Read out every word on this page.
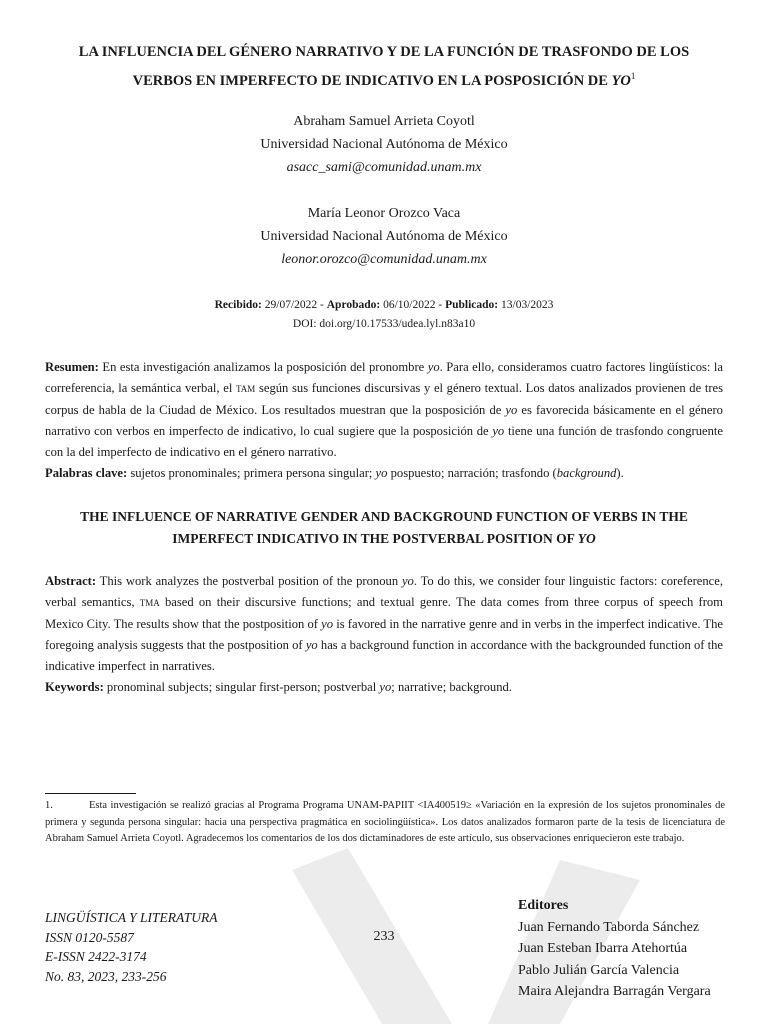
LA INFLUENCIA DEL GÉNERO NARRATIVO Y DE LA FUNCIÓN DE TRASFONDO DE LOS
VERBOS EN IMPERFECTO DE INDICATIVO EN LA POSPOSICIÓN DE $YO^1$
Abraham Samuel Arrieta Coyotl
Universidad Nacional Autónoma de México
asacc_sami@comunidad.unam.mx
María Leonor Orozco Vaca
Universidad Nacional Autónoma de México
leonor.orozco@comunidad.unam.mx
Recibido: 29/07/2022 - Aprobado: 06/10/2022 - Publicado: 13/03/2023
DOI: doi.org/10.17533/udea.lyl.n83a10
Resumen: En esta investigación analizamos la posposición del pronombre yo. Para ello, consideramos cuatro factores lingüísticos: la correferencia, la semántica verbal, el tam según sus funciones discursivas y el género textual. Los datos analizados provienen de tres corpus de habla de la Ciudad de México. Los resultados muestran que la posposición de yo es favorecida básicamente en el género narrativo con verbos en imperfecto de indicativo, lo cual sugiere que la posposición de yo tiene una función de trasfondo congruente con la del imperfecto de indicativo en el género narrativo.
Palabras clave: sujetos pronominales; primera persona singular; yo pospuesto; narración; trasfondo (background).
THE INFLUENCE OF NARRATIVE GENDER AND BACKGROUND FUNCTION OF VERBS IN THE
IMPERFECT INDICATIVO IN THE POSTVERBAL POSITION OF YO
Abstract: This work analyzes the postverbal position of the pronoun yo. To do this, we consider four linguistic factors: coreference, verbal semantics, tma based on their discursive functions; and textual genre. The data comes from three corpus of speech from Mexico City. The results show that the postposition of yo is favored in the narrative genre and in verbs in the imperfect indicative. The foregoing analysis suggests that the postposition of yo has a background function in accordance with the backgrounded function of the indicative imperfect in narratives.
Keywords: pronominal subjects; singular first-person; postverbal yo; narrative; background.
1.	Esta investigación se realizó gracias al Programa Programa UNAM-PAPIIT <IA400519≥ «Variación en la expresión de los sujetos pronominales de primera y segunda persona singular: hacia una perspectiva pragmática en sociolingüística». Los datos analizados formaron parte de la tesis de licenciatura de Abraham Samuel Arrieta Coyotl. Agradecemos los comentarios de los dos dictaminadores de este artículo, sus observaciones enriquecieron este trabajo.
LINGÜÍSTICA Y LITERATURA
ISSN 0120-5587
E-ISSN 2422-3174
No. 83, 2023, 233-256
233
Editores
Juan Fernando Taborda Sánchez
Juan Esteban Ibarra Atehortúa
Pablo Julián García Valencia
Maira Alejandra Barragán Vergara
